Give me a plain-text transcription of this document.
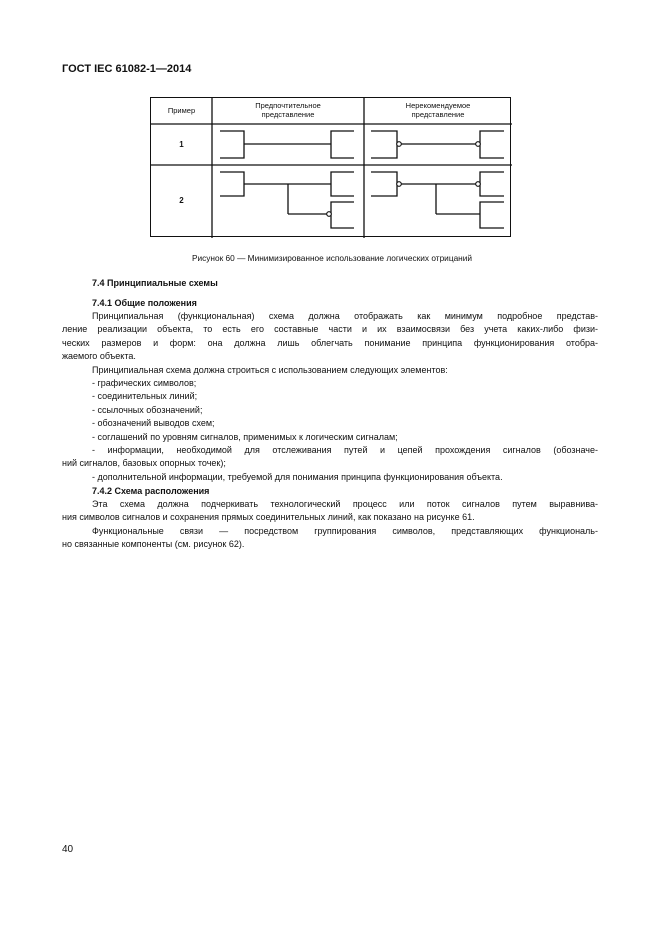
ГОСТ IEC 61082-1—2014
Пример
Предпочтительное
представление
Нерекомендуемое
представление
1
2
Рисунок 60 — Минимизированное использование логических отрицаний
7.4 Принципиальные схемы
7.4.1 Общие положения
Принципиальная (функциональная) схема должна отображать как минимум подробное представ-
ление реализации объекта, то есть его составные части и их взаимосвязи без учета каких-либо физи-
ческих размеров и форм: она должна лишь облегчать понимание принципа функционирования отобра-
жаемого объекта.
Принципиальная схема должна строиться с использованием следующих элементов:
- графических символов;
- соединительных линий;
- ссылочных обозначений;
- обозначений выводов схем;
- соглашений по уровням сигналов, применимых к логическим сигналам;
- информации, необходимой для отслеживания путей и цепей прохождения сигналов (обозначе-
ний сигналов, базовых опорных точек);
- дополнительной информации, требуемой для понимания принципа функционирования объекта.
7.4.2 Схема расположения
Эта схема должна подчеркивать технологический процесс или поток сигналов путем выравнива-
ния символов сигналов и сохранения прямых соединительных линий, как показано на рисунке 61.
Функциональные связи — посредством группирования символов, представляющих функциональ-
но связанные компоненты (см. рисунок 62).
40
